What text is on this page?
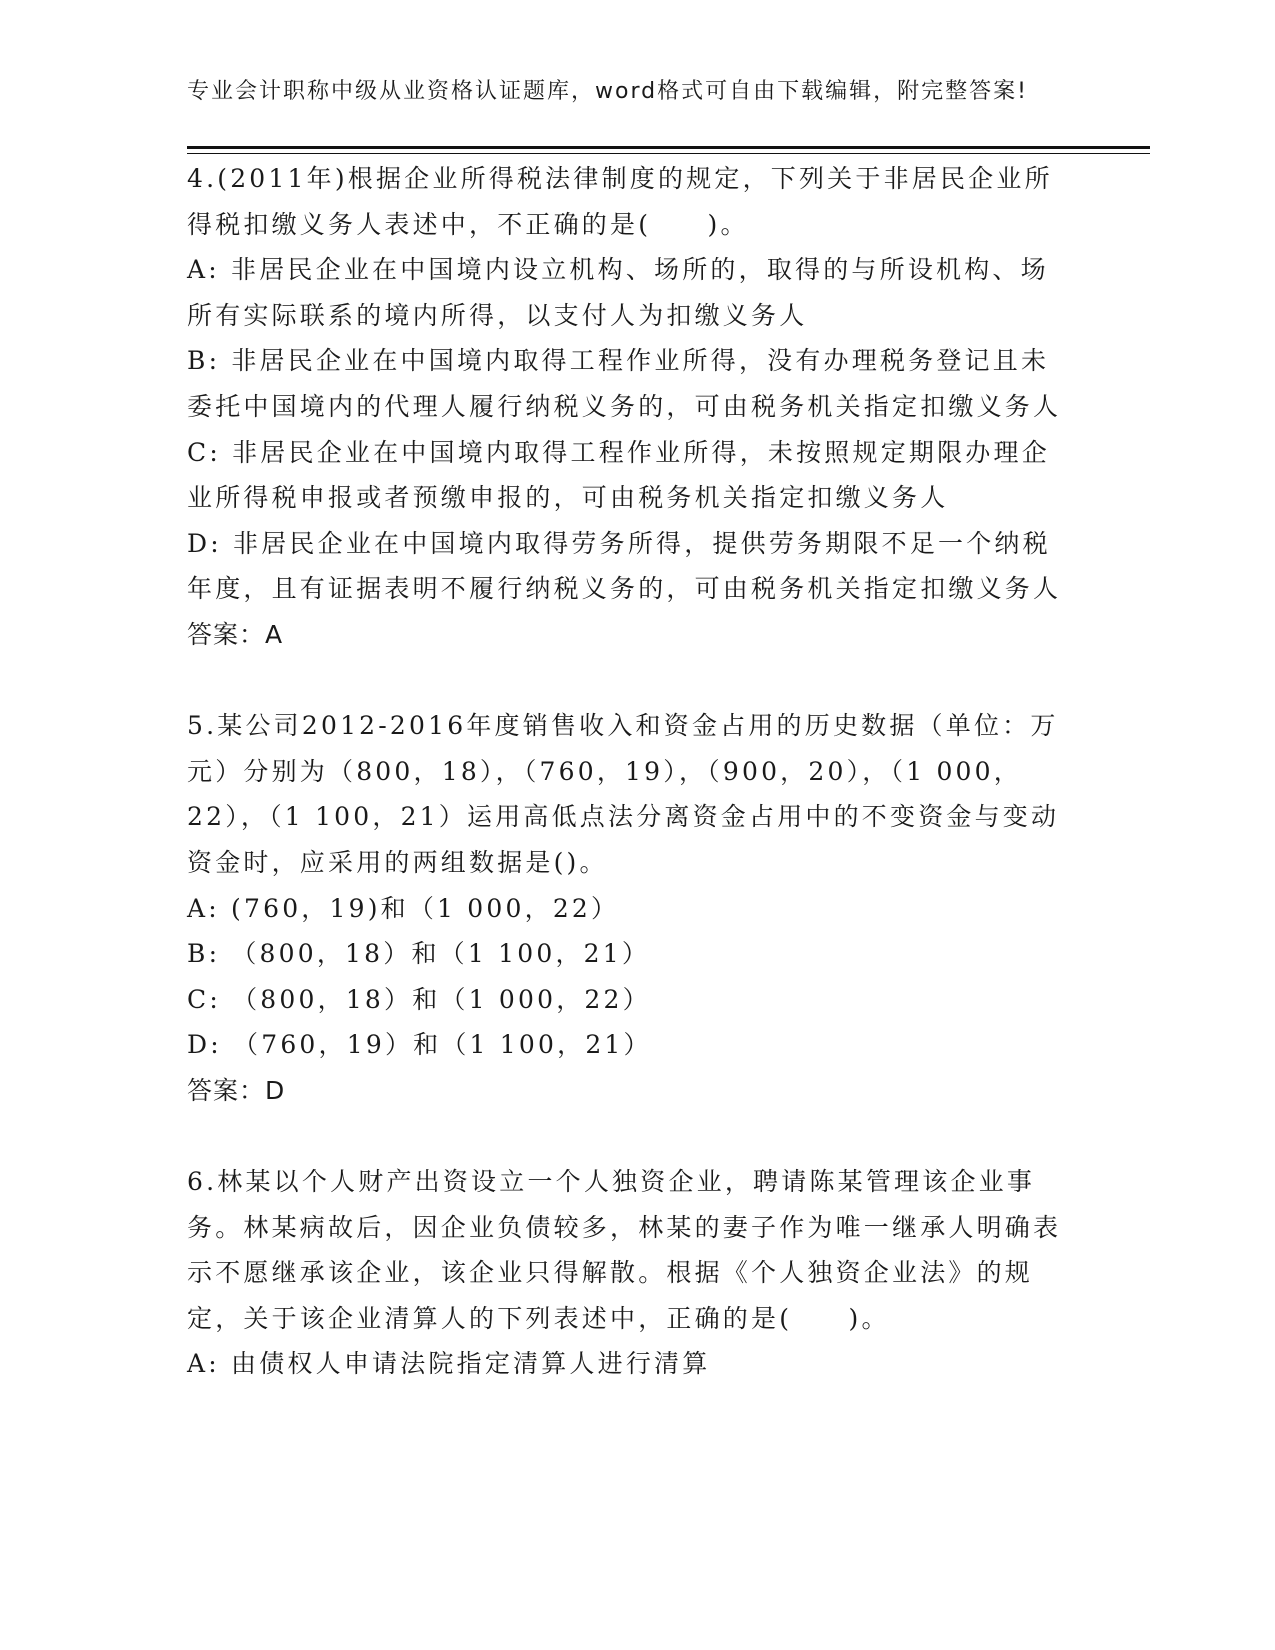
专业会计职称中级从业资格认证题库，word格式可自由下载编辑，附完整答案!
4.(2011年)根据企业所得税法律制度的规定，下列关于非居民企业所得税扣缴义务人表述中，不正确的是(　　)。
A: 非居民企业在中国境内设立机构、场所的，取得的与所设机构、场所有实际联系的境内所得，以支付人为扣缴义务人
B: 非居民企业在中国境内取得工程作业所得，没有办理税务登记且未委托中国境内的代理人履行纳税义务的，可由税务机关指定扣缴义务人
C: 非居民企业在中国境内取得工程作业所得，未按照规定期限办理企业所得税申报或者预缴申报的，可由税务机关指定扣缴义务人
D: 非居民企业在中国境内取得劳务所得，提供劳务期限不足一个纳税年度，且有证据表明不履行纳税义务的，可由税务机关指定扣缴义务人
答案：A
5.某公司2012-2016年度销售收入和资金占用的历史数据（单位：万元）分别为（800，18），（760，19），（900，20），（1 000，22），（1 100，21）运用高低点法分离资金占用中的不变资金与变动资金时，应采用的两组数据是()。
A: (760，19)和（1 000，22）
B: （800，18）和（1 100，21）
C: （800，18）和（1 000，22）
D: （760，19）和（1 100，21）
答案：D
6.林某以个人财产出资设立一个人独资企业，聘请陈某管理该企业事务。林某病故后，因企业负债较多，林某的妻子作为唯一继承人明确表示不愿继承该企业，该企业只得解散。根据《个人独资企业法》的规定，关于该企业清算人的下列表述中，正确的是(　　)。
A: 由债权人申请法院指定清算人进行清算
